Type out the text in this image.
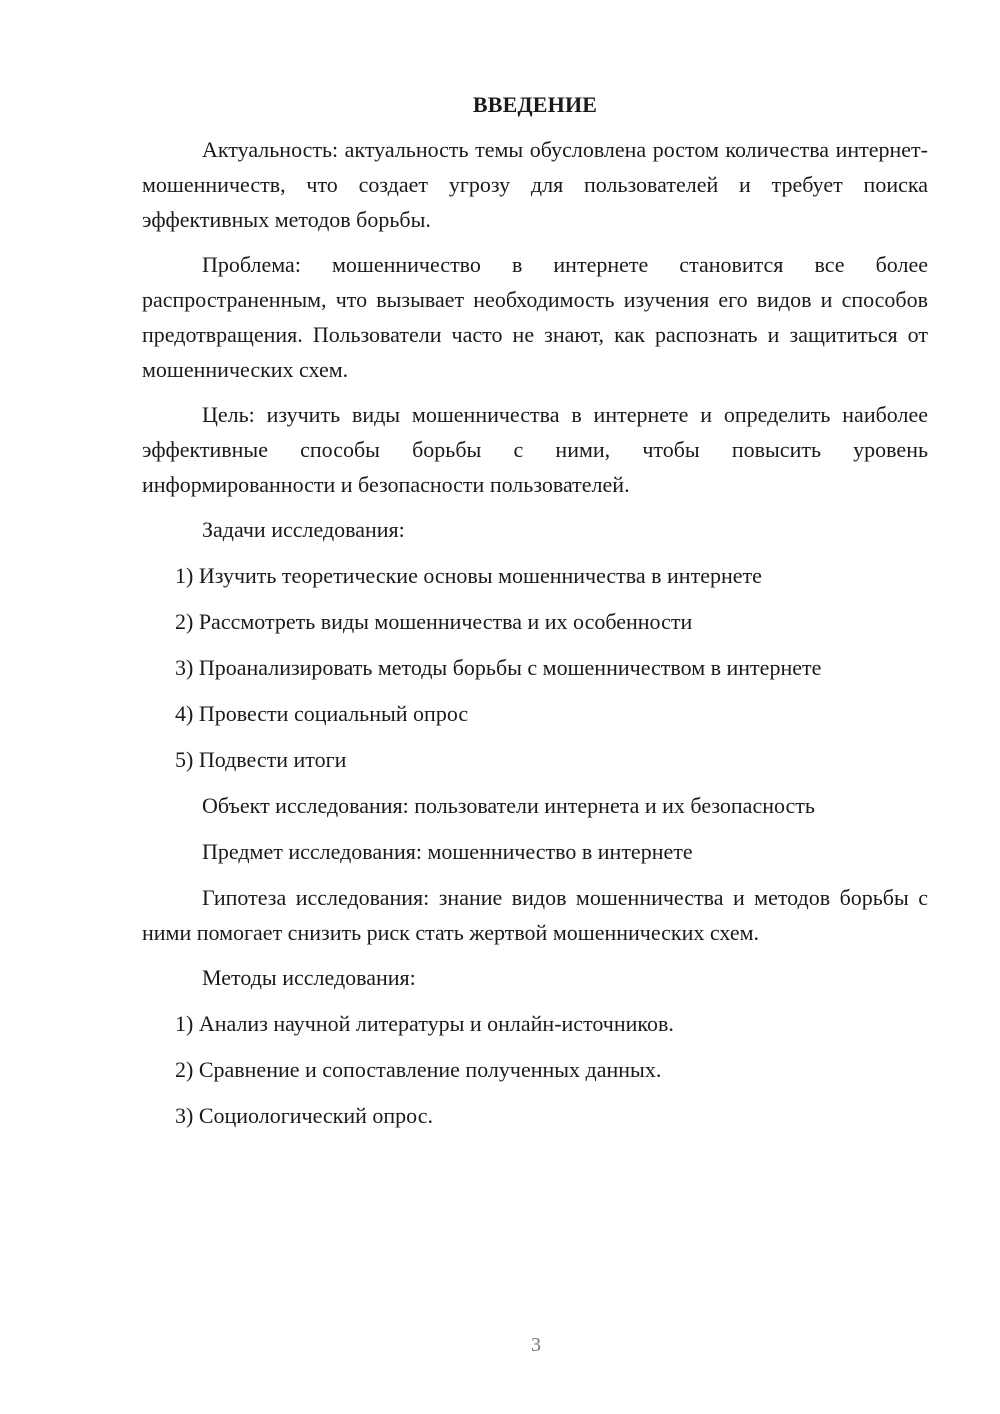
ВВЕДЕНИЕ

Актуальность: актуальность темы обусловлена ростом количества интернет-мошенничеств, что создает угрозу для пользователей и требует поиска эффективных методов борьбы.

Проблема: мошенничество в интернете становится все более распространенным, что вызывает необходимость изучения его видов и способов предотвращения. Пользователи часто не знают, как распознать и защититься от мошеннических схем.

Цель: изучить виды мошенничества в интернете и определить наиболее эффективные способы борьбы с ними, чтобы повысить уровень информированности и безопасности пользователей.

Задачи исследования:

1) Изучить теоретические основы мошенничества в интернете
2) Рассмотреть виды мошенничества и их особенности
3) Проанализировать методы борьбы с мошенничеством в интернете
4) Провести социальный опрос
5) Подвести итоги

Объект исследования: пользователи интернета и их безопасность

Предмет исследования: мошенничество в интернете

Гипотеза исследования: знание видов мошенничества и методов борьбы с ними помогает снизить риск стать жертвой мошеннических схем.

Методы исследования:

1) Анализ научной литературы и онлайн-источников.
2) Сравнение и сопоставление полученных данных.
3) Социологический опрос.
3
